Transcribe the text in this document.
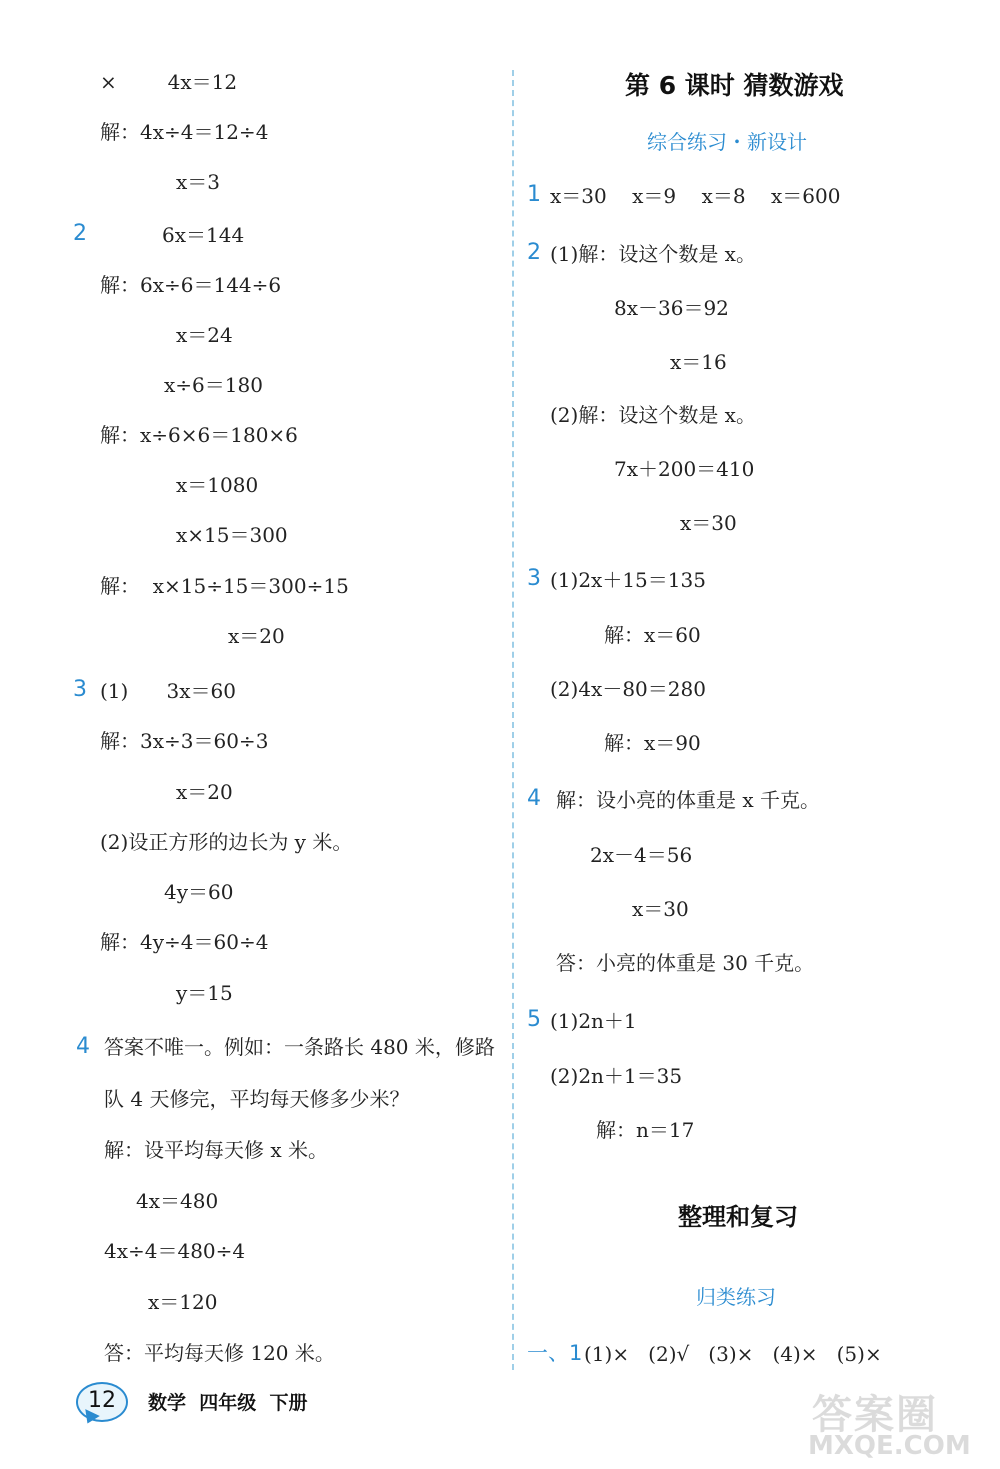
×        4x＝12
解：4x÷4＝12÷4
x＝3
2	6x＝144
解：6x÷6＝144÷6
x＝24
x÷6＝180
解：x÷6×6＝180×6
x＝1080
x×15＝300
解：  x×15÷15＝300÷15
x＝20
3 (1)      3x＝60
解：3x÷3＝60÷3
x＝20
(2)设正方形的边长为 y 米。
4y＝60
解：4y÷4＝60÷4
y＝15
4 答案不唯一。例如：一条路长 480 米，修路
队 4 天修完，平均每天修多少米？
解：设平均每天修 x 米。
4x＝480
4x÷4＝480÷4
x＝120
答：平均每天修 120 米。
第 6 课时 猜数游戏
综合练习・新设计
1 x＝30    x＝9    x＝8    x＝600
2 (1)解：设这个数是 x。
8x－36＝92
x＝16
(2)解：设这个数是 x。
7x＋200＝410
x＝30
3 (1)2x＋15＝135
解：x＝60
(2)4x－80＝280
解：x＝90
4 解：设小亮的体重是 x 千克。
2x－4＝56
x＝30
答：小亮的体重是 30 千克。
5 (1)2n＋1
(2)2n＋1＝35
解：n＝17
整理和复习
归类练习
一、1 (1)×   (2)√   (3)×   (4)×   (5)×
12	数学  四年级  下册	答案圈
MXQE.COM
